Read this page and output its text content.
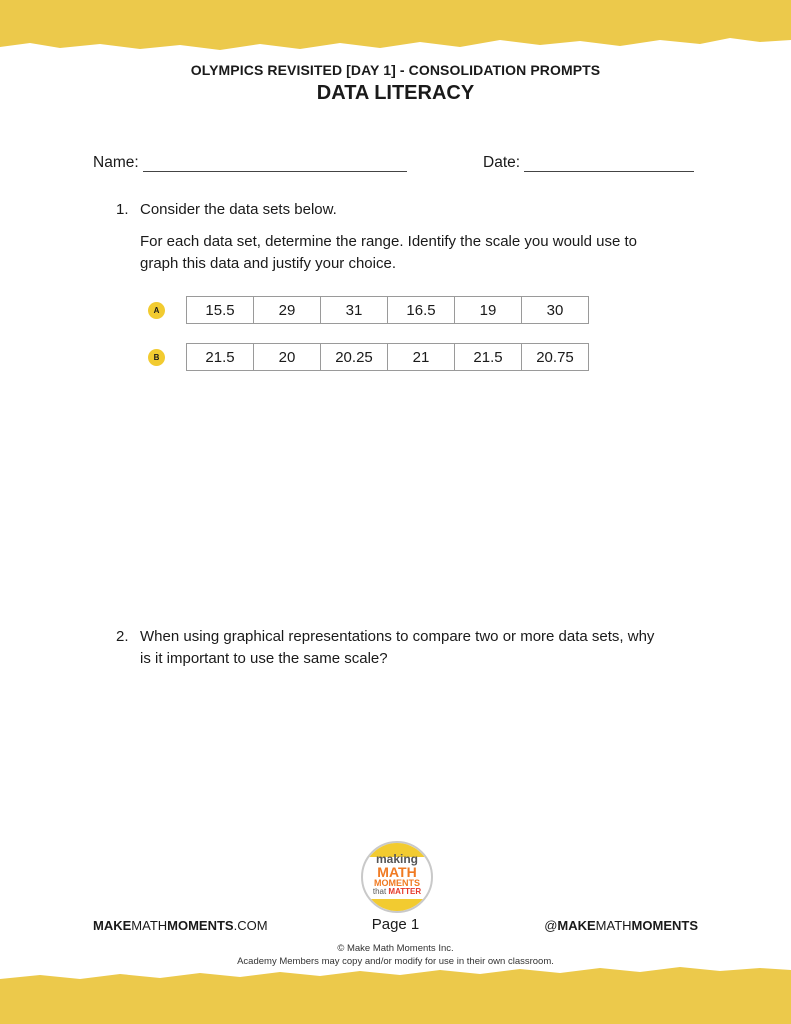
OLYMPICS REVISITED [DAY 1] - CONSOLIDATION PROMPTS
DATA LITERACY
Name:	Date:
1. Consider the data sets below.
For each data set, determine the range. Identify the scale you would use to
graph this data and justify your choice.
A	15.5	29	31	16.5	19	30
B	21.5	20	20.25	21	21.5	20.75
2. When using graphical representations to compare two or more data sets, why
is it important to use the same scale?
making
MATH
MOMENTS
that MATTER
MAKEMATHMOMENTS.COM	Page 1	@MAKEMATHMOMENTS
© Make Math Moments Inc.
Academy Members may copy and/or modify for use in their own classroom.
